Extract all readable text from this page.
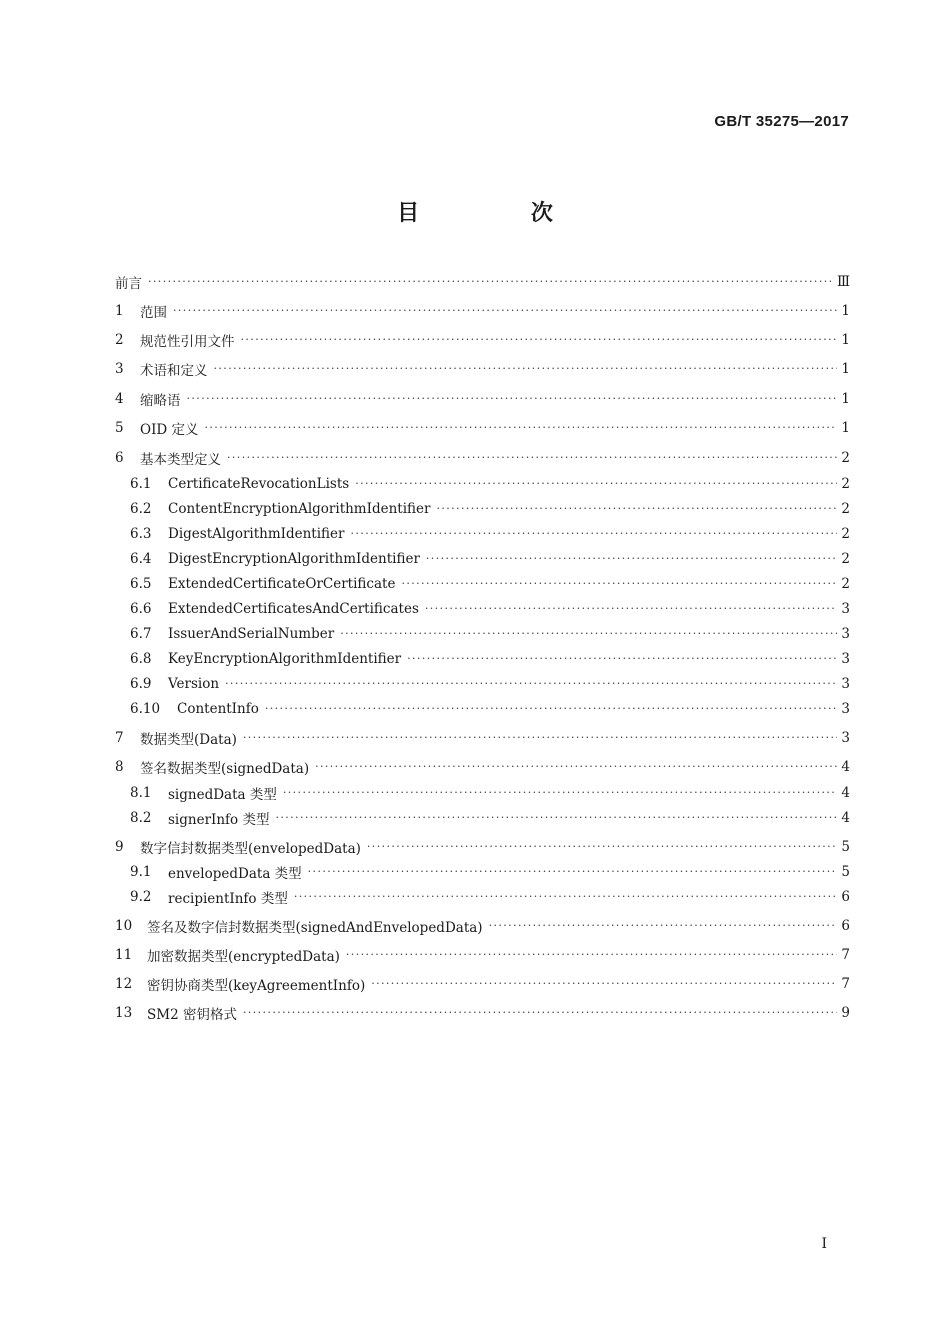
GB/T 35275—2017
目 次
前言 ·····	Ⅲ
1	范围 ·····	1
2	规范性引用文件 ·····	1
3	术语和定义 ·····	1
4	缩略语 ·····	1
5	OID 定义 ·····	1
6	基本类型定义 ·····	2
6.1	CertificateRevocationLists ·····	2
6.2	ContentEncryptionAlgorithmIdentifier ·····	2
6.3	DigestAlgorithmIdentifier ·····	2
6.4	DigestEncryptionAlgorithmIdentifier ·····	2
6.5	ExtendedCertificateOrCertificate ·····	2
6.6	ExtendedCertificatesAndCertificates ·····	3
6.7	IssuerAndSerialNumber ·····	3
6.8	KeyEncryptionAlgorithmIdentifier ·····	3
6.9	Version ·····	3
6.10	ContentInfo ·····	3
7	数据类型(Data) ·····	3
8	签名数据类型(signedData) ·····	4
8.1	signedData 类型 ·····	4
8.2	signerInfo 类型 ·····	4
9	数字信封数据类型(envelopedData) ·····	5
9.1	envelopedData 类型 ·····	5
9.2	recipientInfo 类型 ·····	6
10	签名及数字信封数据类型(signedAndEnvelopedData) ·····	6
11	加密数据类型(encryptedData) ·····	7
12	密钥协商类型(keyAgreementInfo) ·····	7
13	SM2 密钥格式 ·····	9
I
